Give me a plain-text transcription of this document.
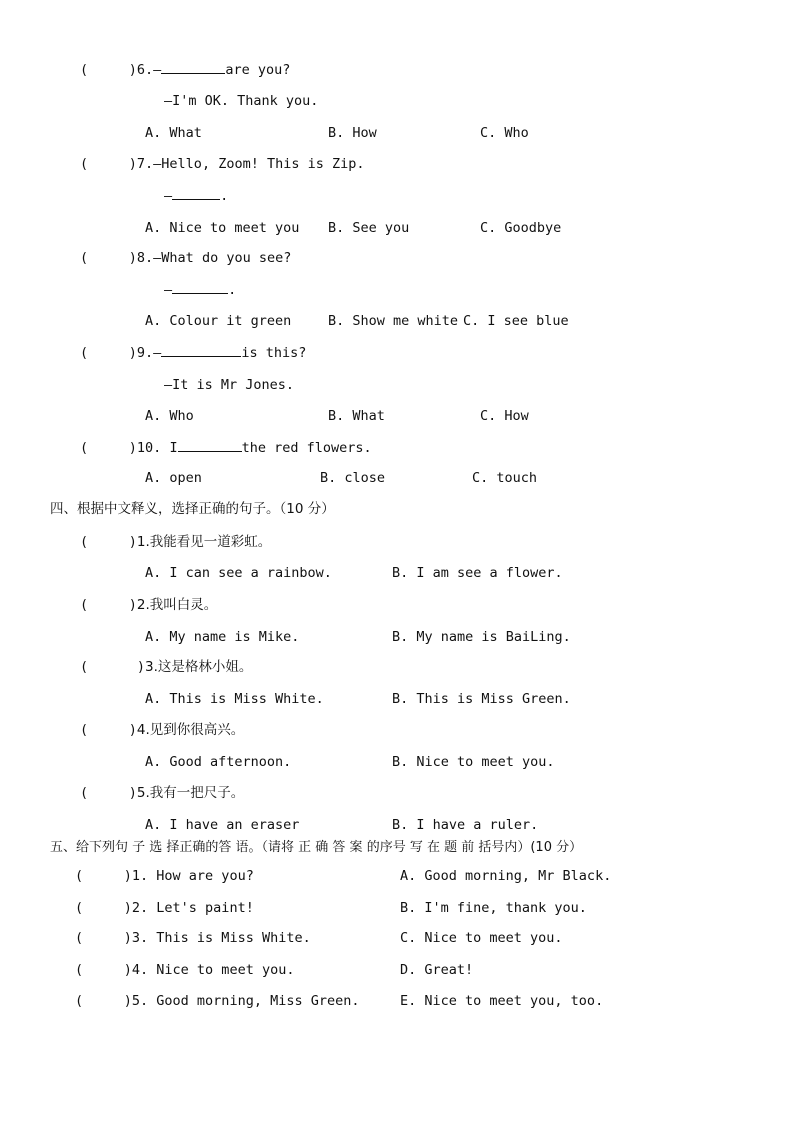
(     )6.—	are you?
—I'm OK. Thank you.
A. What	B. How	C. Who
(     )7.—Hello, Zoom! This is Zip.
—	.
A. Nice to meet you B. See you	C. Goodbye
(     )8.—What do you see?
—	.
A. Colour it green	B. Show me white C. I see blue
(     )9.—	is this?
—It is Mr Jones.
A. Who	B. What	C. How
(     )10. I	the red flowers.
A. open	B. close	C. touch
四、根据中文释义，选择正确的句子。（10 分）
(     )1.我能看见一道彩虹。
A. I can see a rainbow.	B. I am see a flower.
(     )2.我叫白灵。
A. My name is Mike.	B. My name is BaiLing.
(      )3.这是格林小姐。
A. This is Miss White.	B. This is Miss Green.
(     )4.见到你很高兴。
A. Good afternoon.	B. Nice to meet you.
(     )5.我有一把尺子。
A. I have an eraser	B. I have a ruler.
五、给下列句 子 选 择正确的答 语。（请将 正 确 答 案 的序号 写 在 题 前 括号内）(10 分）
(     )1. How are you?	A. Good morning, Mr Black.
(     )2. Let's paint!	B. I'm fine, thank you.
(     )3. This is Miss White.	C. Nice to meet you.
(     )4. Nice to meet you.	D. Great!
(     )5. Good morning, Miss Green.	E. Nice to meet you, too.
